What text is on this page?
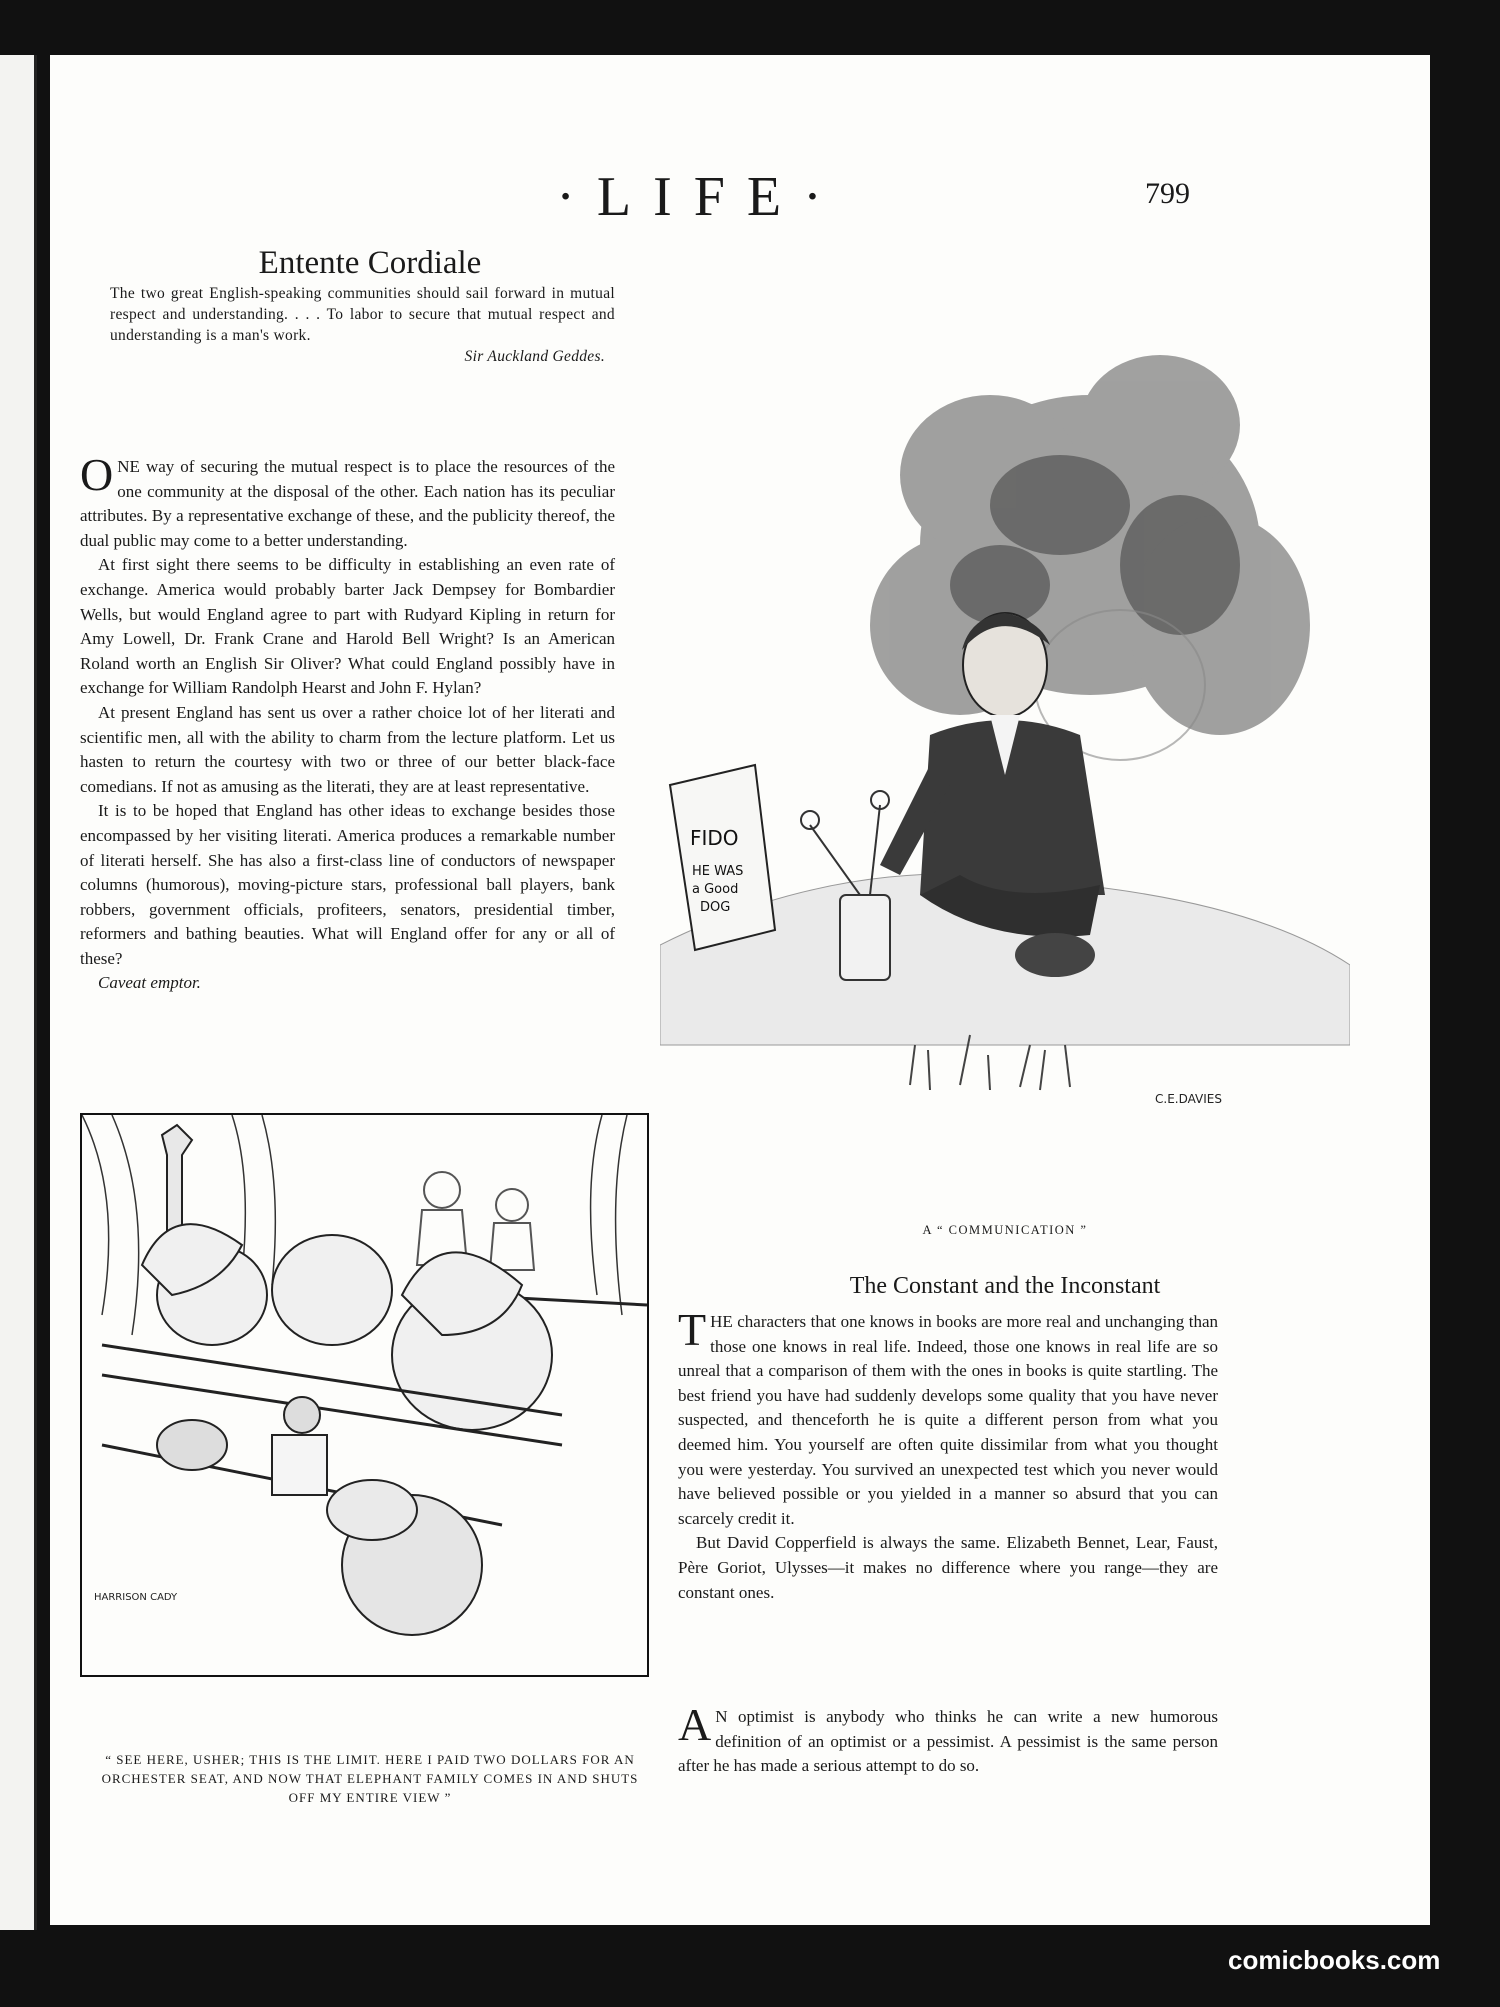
·LIFE·	799
Entente Cordiale
The two great English-speaking communities should sail forward in mutual respect and understanding. . . . To labor to secure that mutual respect and understanding is a man's work.
Sir Auckland Geddes.

ONE way of securing the mutual respect is to place the resources of the one community at the disposal of the other. Each nation has its peculiar attributes. By a representative exchange of these, and the publicity thereof, the dual public may come to a better understanding.

At first sight there seems to be difficulty in establishing an even rate of exchange. America would probably barter Jack Dempsey for Bombardier Wells, but would England agree to part with Rudyard Kipling in return for Amy Lowell, Dr. Frank Crane and Harold Bell Wright? Is an American Roland worth an English Sir Oliver? What could England possibly have in exchange for William Randolph Hearst and John F. Hylan?

At present England has sent us over a rather choice lot of her literati and scientific men, all with the ability to charm from the lecture platform. Let us hasten to return the courtesy with two or three of our better black-face comedians. If not as amusing as the literati, they are at least representative.

It is to be hoped that England has other ideas to exchange besides those encompassed by her visiting literati. America produces a remarkable number of literati herself. She has also a first-class line of conductors of newspaper columns (humorous), moving-picture stars, professional ball players, bank robbers, government officials, profiteers, senators, presidential timber, reformers and bathing beauties. What will England offer for any or all of these?

Caveat emptor.
FIDO
HE WAS
a Good
DOG
C.E.DAVIES
A “ COMMUNICATION ”
HARRISON CADY
“ SEE HERE, USHER; THIS IS THE LIMIT. HERE I PAID TWO DOLLARS FOR AN ORCHESTER SEAT, AND NOW THAT ELEPHANT FAMILY COMES IN AND SHUTS OFF MY ENTIRE VIEW ”
The Constant and the Inconstant

THE characters that one knows in books are more real and unchanging than those one knows in real life. Indeed, those one knows in real life are so unreal that a comparison of them with the ones in books is quite startling. The best friend you have had suddenly develops some quality that you have never suspected, and thenceforth he is quite a different person from what you deemed him. You yourself are often quite dissimilar from what you thought you were yesterday. You survived an unexpected test which you never would have believed possible or you yielded in a manner so absurd that you can scarcely credit it.

But David Copperfield is always the same. Elizabeth Bennet, Lear, Faust, Père Goriot, Ulysses—it makes no difference where you range—they are constant ones.

A N optimist is anybody who thinks he can write a new humorous definition of an optimist or a pessimist. A pessimist is the same person after he has made a serious attempt to do so.

comicbooks.com
